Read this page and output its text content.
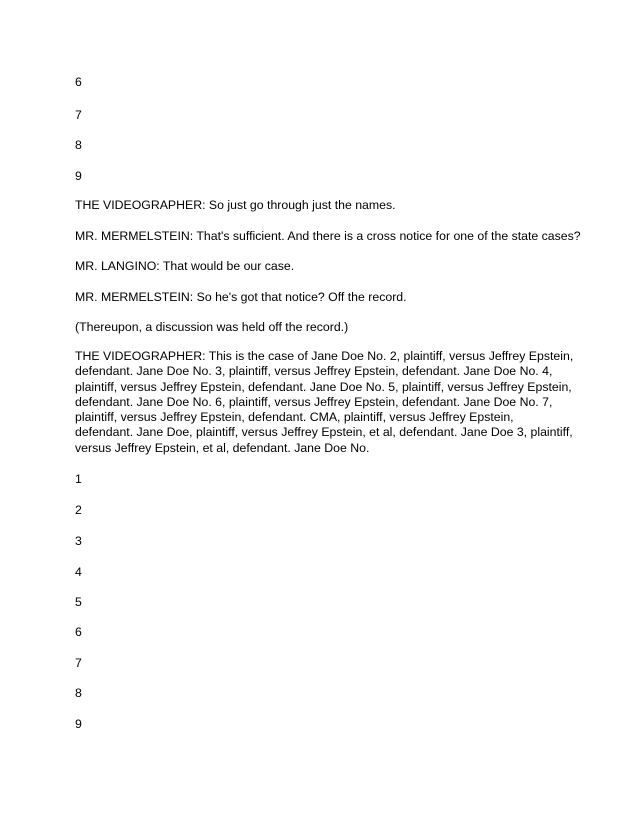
6
7
8
9
THE VIDEOGRAPHER: So just go through just the names.
MR. MERMELSTEIN: That's sufficient. And there is a cross notice for one of the state cases?
MR. LANGINO: That would be our case.
MR. MERMELSTEIN: So he's got that notice? Off the record.
(Thereupon, a discussion was held off the record.)
THE VIDEOGRAPHER: This is the case of Jane Doe No. 2, plaintiff, versus Jeffrey Epstein, defendant. Jane Doe No. 3, plaintiff, versus Jeffrey Epstein, defendant. Jane Doe No. 4, plaintiff, versus Jeffrey Epstein, defendant. Jane Doe No. 5, plaintiff, versus Jeffrey Epstein, defendant. Jane Doe No. 6, plaintiff, versus Jeffrey Epstein, defendant. Jane Doe No. 7, plaintiff, versus Jeffrey Epstein, defendant. CMA, plaintiff, versus Jeffrey Epstein, defendant. Jane Doe, plaintiff, versus Jeffrey Epstein, et al, defendant. Jane Doe 3, plaintiff, versus Jeffrey Epstein, et al, defendant. Jane Doe No.
1
2
3
4
5
6
7
8
9
